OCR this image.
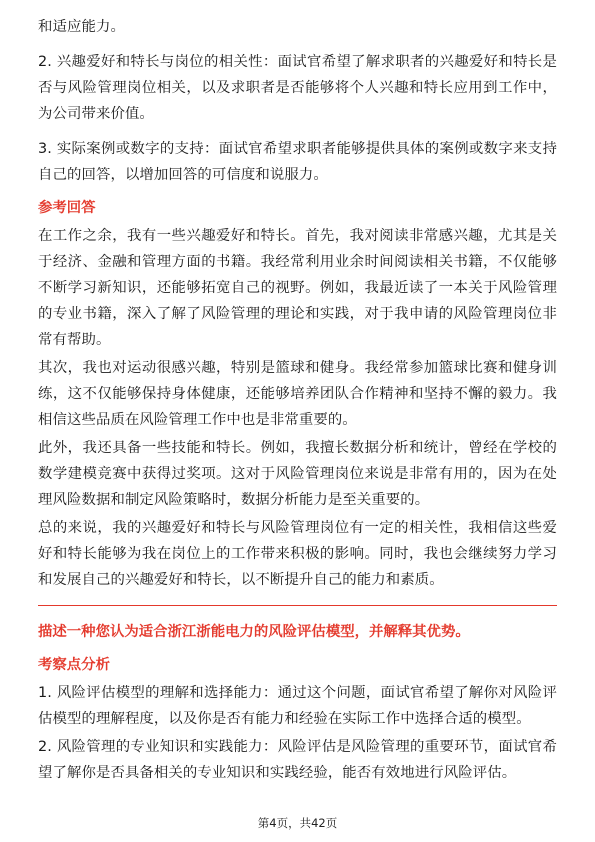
和适应能力。

2. 兴趣爱好和特长与岗位的相关性：面试官希望了解求职者的兴趣爱好和特长是否与风险管理岗位相关，以及求职者是否能够将个人兴趣和特长应用到工作中，为公司带来价值。

3. 实际案例或数字的支持：面试官希望求职者能够提供具体的案例或数字来支持自己的回答，以增加回答的可信度和说服力。

参考回答

在工作之余，我有一些兴趣爱好和特长。首先，我对阅读非常感兴趣，尤其是关于经济、金融和管理方面的书籍。我经常利用业余时间阅读相关书籍，不仅能够不断学习新知识，还能够拓宽自己的视野。例如，我最近读了一本关于风险管理的专业书籍，深入了解了风险管理的理论和实践，对于我申请的风险管理岗位非常有帮助。

其次，我也对运动很感兴趣，特别是篮球和健身。我经常参加篮球比赛和健身训练，这不仅能够保持身体健康，还能够培养团队合作精神和坚持不懈的毅力。我相信这些品质在风险管理工作中也是非常重要的。

此外，我还具备一些技能和特长。例如，我擅长数据分析和统计，曾经在学校的数学建模竞赛中获得过奖项。这对于风险管理岗位来说是非常有用的，因为在处理风险数据和制定风险策略时，数据分析能力是至关重要的。

总的来说，我的兴趣爱好和特长与风险管理岗位有一定的相关性，我相信这些爱好和特长能够为我在岗位上的工作带来积极的影响。同时，我也会继续努力学习和发展自己的兴趣爱好和特长，以不断提升自己的能力和素质。

描述一种您认为适合浙江浙能电力的风险评估模型，并解释其优势。

考察点分析

1. 风险评估模型的理解和选择能力：通过这个问题，面试官希望了解你对风险评估模型的理解程度，以及你是否有能力和经验在实际工作中选择合适的模型。

2. 风险管理的专业知识和实践能力：风险评估是风险管理的重要环节，面试官希望了解你是否具备相关的专业知识和实践经验，能否有效地进行风险评估。

第4页，共42页
